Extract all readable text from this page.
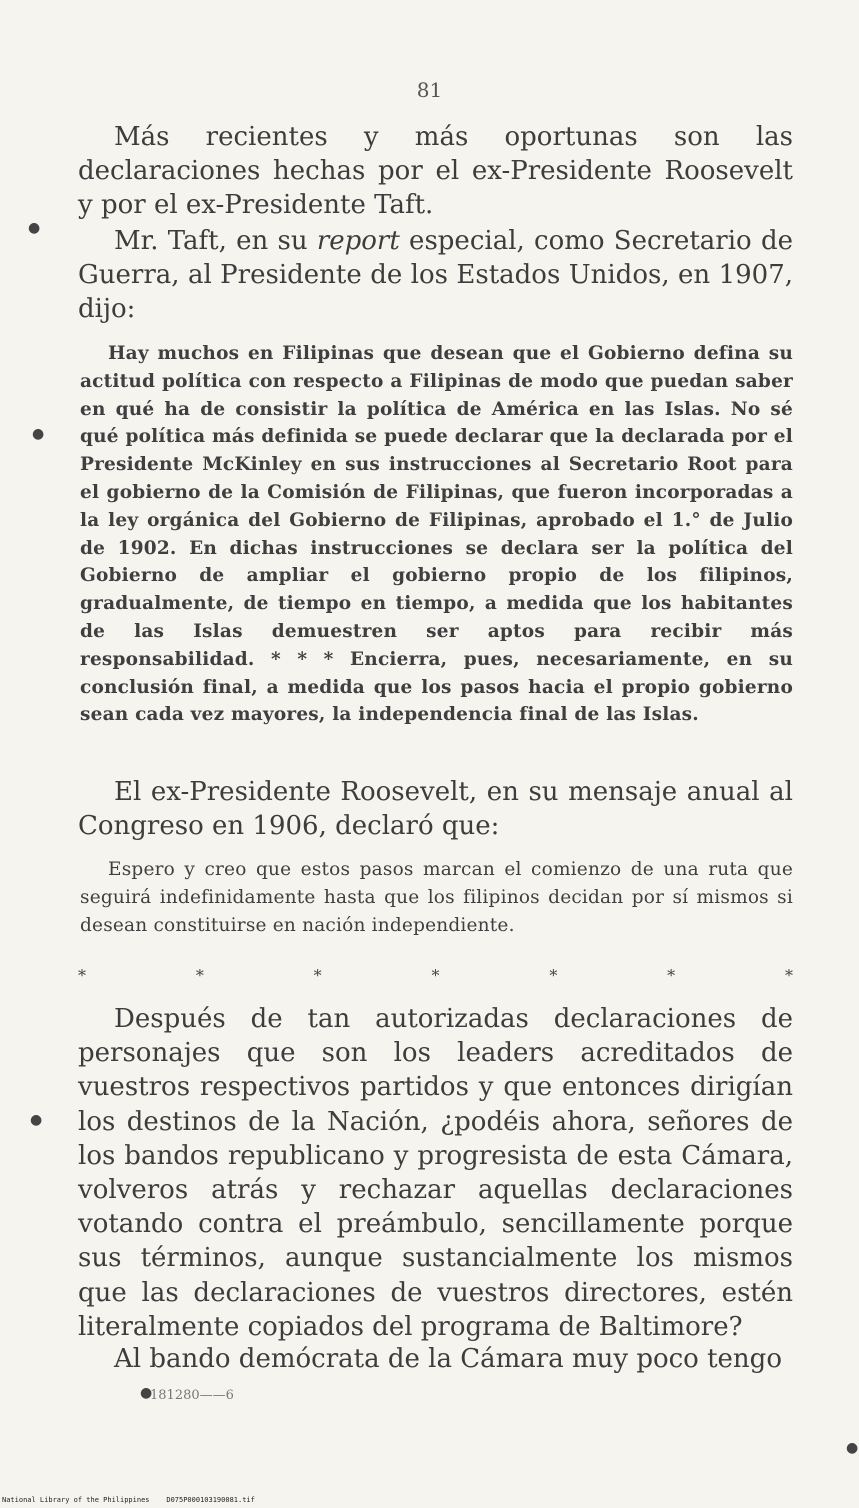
81

Más recientes y más oportunas son las declaraciones hechas por el ex-Presidente Roosevelt y por el ex-Presidente Taft.

Mr. Taft, en su report especial, como Secretario de Guerra, al Presidente de los Estados Unidos, en 1907, dijo:

Hay muchos en Filipinas que desean que el Gobierno defina su actitud política con respecto a Filipinas de modo que puedan saber en qué ha de consistir la política de América en las Islas. No sé qué política más definida se puede declarar que la declarada por el Presidente McKinley en sus instrucciones al Secretario Root para el gobierno de la Comisión de Filipinas, que fueron incorporadas a la ley orgánica del Gobierno de Filipinas, aprobado el 1.° de Julio de 1902. En dichas instrucciones se declara ser la política del Gobierno de ampliar el gobierno propio de los filipinos, gradualmente, de tiempo en tiempo, a medida que los habitantes de las Islas demuestren ser aptos para recibir más responsabilidad. * * * Encierra, pues, necesariamente, en su conclusión final, a medida que los pasos hacia el propio gobierno sean cada vez mayores, la independencia final de las Islas.

El ex-Presidente Roosevelt, en su mensaje anual al Congreso en 1906, declaró que:

Espero y creo que estos pasos marcan el comienzo de una ruta que seguirá indefinidamente hasta que los filipinos decidan por sí mismos si desean constituirse en nación independiente.

*	*	*	*	*	*	*

Después de tan autorizadas declaraciones de personajes que son los leaders acreditados de vuestros respectivos partidos y que entonces dirigían los destinos de la Nación, ¿podéis ahora, señores de los bandos republicano y progresista de esta Cámara, volveros atrás y rechazar aquellas declaraciones votando contra el preámbulo, sencillamente porque sus términos, aunque sustancialmente los mismos que las declaraciones de vuestros directores, estén literalmente copiados del programa de Baltimore?

Al bando demócrata de la Cámara muy poco tengo

181280——6
●
●
●
●
●
National Library of the Philippines    D075P000103190081.tif
